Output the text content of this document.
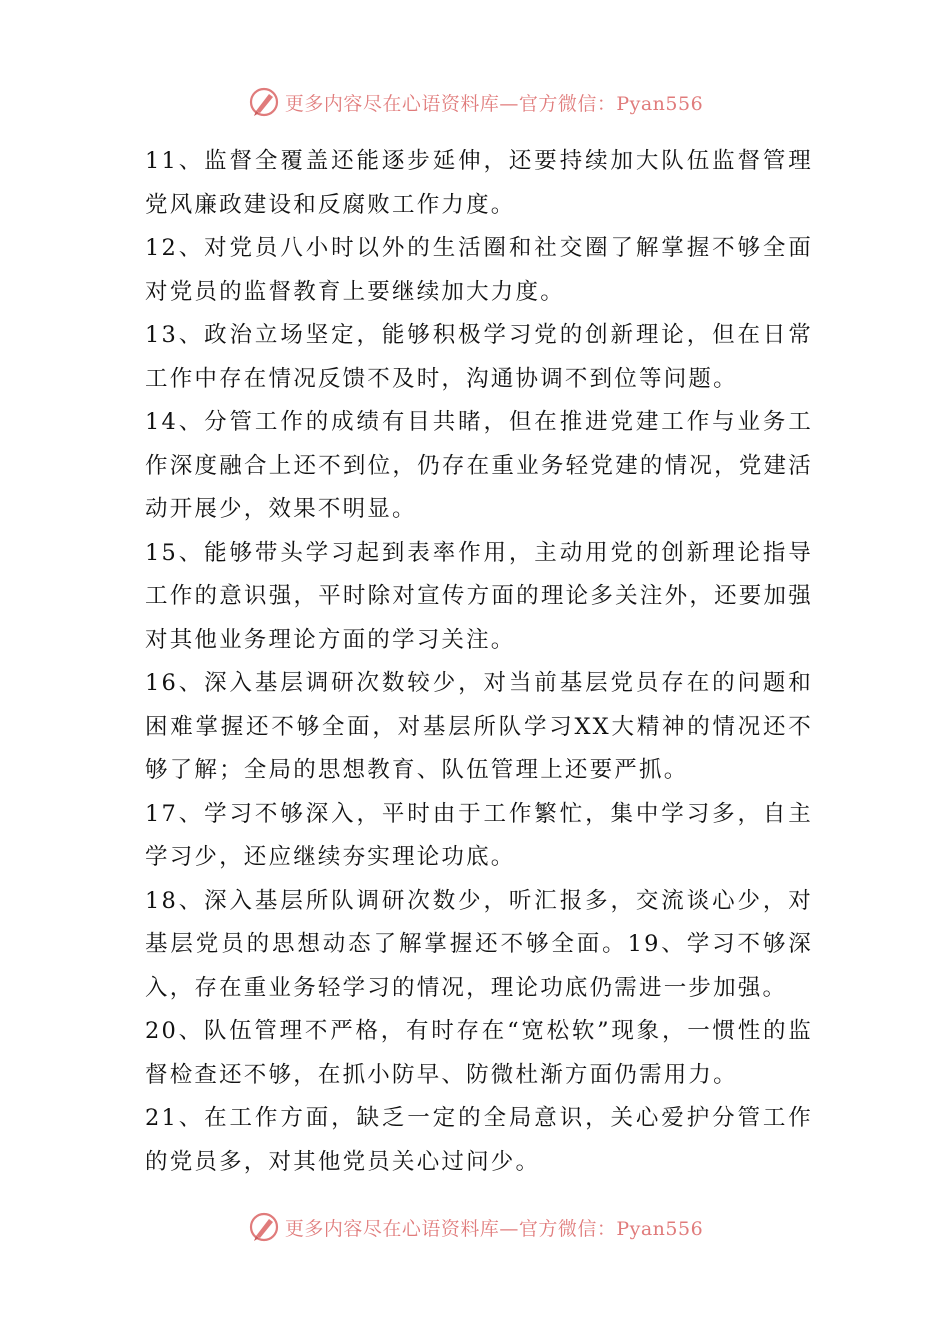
更多内容尽在心语资料库—官方微信：Pyan556

11、监督全覆盖还能逐步延伸，还要持续加大队伍监督管理党风廉政建设和反腐败工作力度。

12、对党员八小时以外的生活圈和社交圈了解掌握不够全面对党员的监督教育上要继续加大力度。

13、政治立场坚定，能够积极学习党的创新理论，但在日常工作中存在情况反馈不及时，沟通协调不到位等问题。

14、分管工作的成绩有目共睹，但在推进党建工作与业务工作深度融合上还不到位，仍存在重业务轻党建的情况，党建活动开展少，效果不明显。

15、能够带头学习起到表率作用，主动用党的创新理论指导工作的意识强，平时除对宣传方面的理论多关注外，还要加强对其他业务理论方面的学习关注。

16、深入基层调研次数较少，对当前基层党员存在的问题和困难掌握还不够全面，对基层所队学习XX大精神的情况还不够了解；全局的思想教育、队伍管理上还要严抓。

17、学习不够深入，平时由于工作繁忙，集中学习多，自主学习少，还应继续夯实理论功底。

18、深入基层所队调研次数少，听汇报多，交流谈心少，对基层党员的思想动态了解掌握还不够全面。19、学习不够深入，存在重业务轻学习的情况，理论功底仍需进一步加强。

20、队伍管理不严格，有时存在“宽松软”现象，一惯性的监督检查还不够，在抓小防早、防微杜渐方面仍需用力。

21、在工作方面，缺乏一定的全局意识，关心爱护分管工作的党员多，对其他党员关心过问少。

更多内容尽在心语资料库—官方微信：Pyan556
